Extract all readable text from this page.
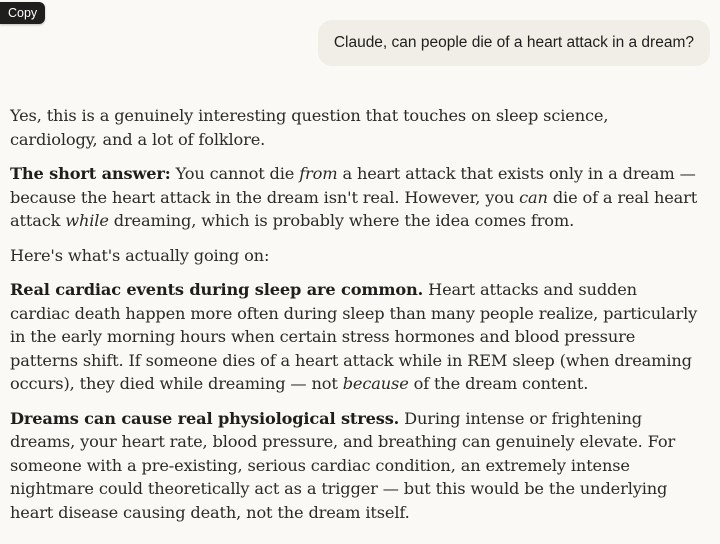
Copy
Claude, can people die of a heart attack in a dream?

Yes, this is a genuinely interesting question that touches on sleep science, cardiology, and a lot of folklore.

The short answer: You cannot die from a heart attack that exists only in a dream — because the heart attack in the dream isn't real. However, you can die of a real heart attack while dreaming, which is probably where the idea comes from.

Here's what's actually going on:

Real cardiac events during sleep are common. Heart attacks and sudden cardiac death happen more often during sleep than many people realize, particularly in the early morning hours when certain stress hormones and blood pressure patterns shift. If someone dies of a heart attack while in REM sleep (when dreaming occurs), they died while dreaming — not because of the dream content.

Dreams can cause real physiological stress. During intense or frightening dreams, your heart rate, blood pressure, and breathing can genuinely elevate. For someone with a pre-existing, serious cardiac condition, an extremely intense nightmare could theoretically act as a trigger — but this would be the underlying heart disease causing death, not the dream itself.
